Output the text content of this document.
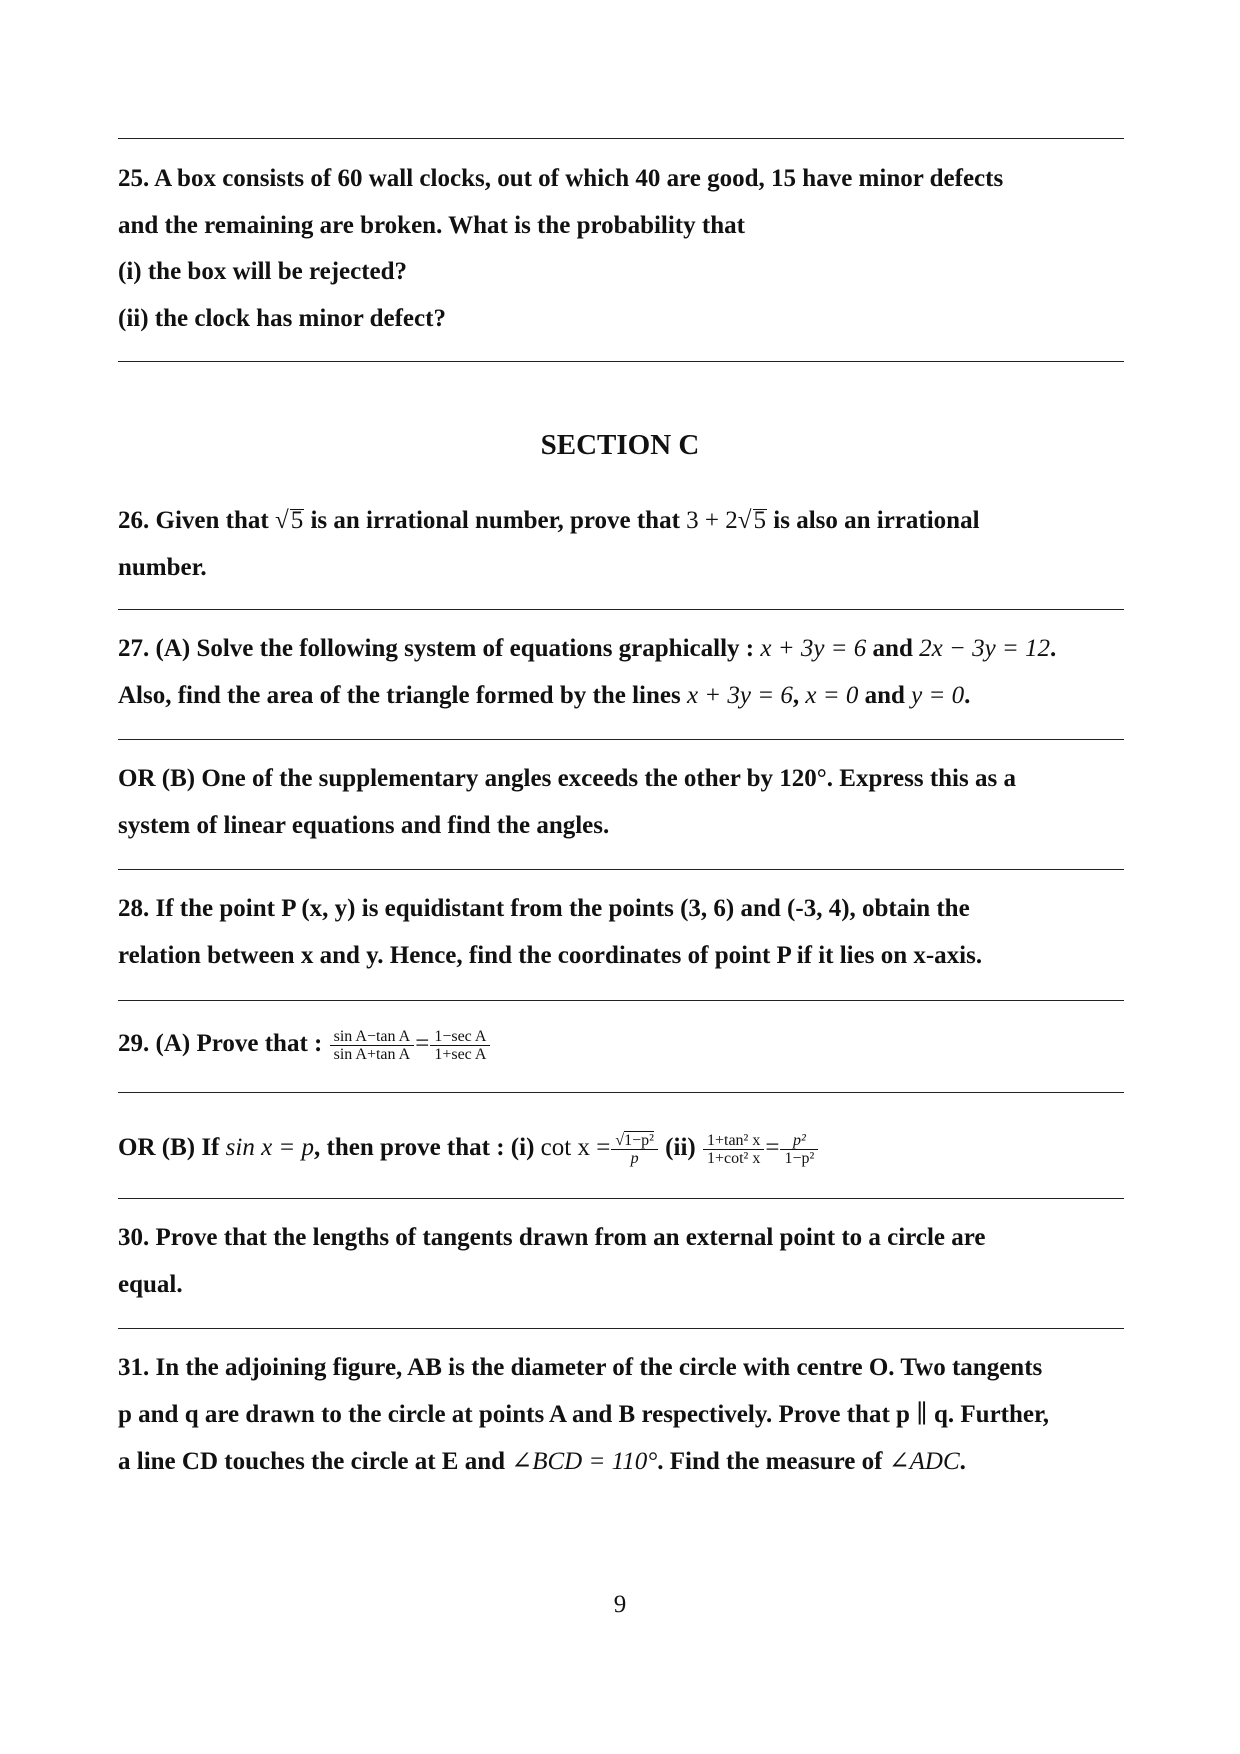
25. A box consists of 60 wall clocks, out of which 40 are good, 15 have minor defects
and the remaining are broken. What is the probability that
(i) the box will be rejected?
(ii) the clock has minor defect?
SECTION C
26. Given that √5 is an irrational number, prove that 3 + 2√5 is also an irrational
number.
27. (A) Solve the following system of equations graphically : x + 3y = 6 and 2x − 3y = 12.
Also, find the area of the triangle formed by the lines x + 3y = 6, x = 0 and y = 0.
OR (B) One of the supplementary angles exceeds the other by 120°. Express this as a
system of linear equations and find the angles.
28. If the point P (x, y) is equidistant from the points (3, 6) and (-3, 4), obtain the
relation between x and y. Hence, find the coordinates of point P if it lies on x-axis.
29. (A) Prove that : $\frac{\text{sin A−tan A}}{\text{sin A+tan A}} = \frac{\text{1−sec A}}{\text{1+sec A}}$
OR (B) If sin x = p, then prove that : (i) $\cot x = \frac{\text{√1−p²}}{p} (ii) \frac{\text{1+tan² x}}{\text{1+cot² x}} = \frac{\text{p²}}{\text{1−p²}}$
30. Prove that the lengths of tangents drawn from an external point to a circle are
equal.
31. In the adjoining figure, AB is the diameter of the circle with centre O. Two tangents
p and q are drawn to the circle at points A and B respectively. Prove that p ∥ q. Further,
a line CD touches the circle at E and ∠BCD = 110°. Find the measure of ∠ADC.
9
